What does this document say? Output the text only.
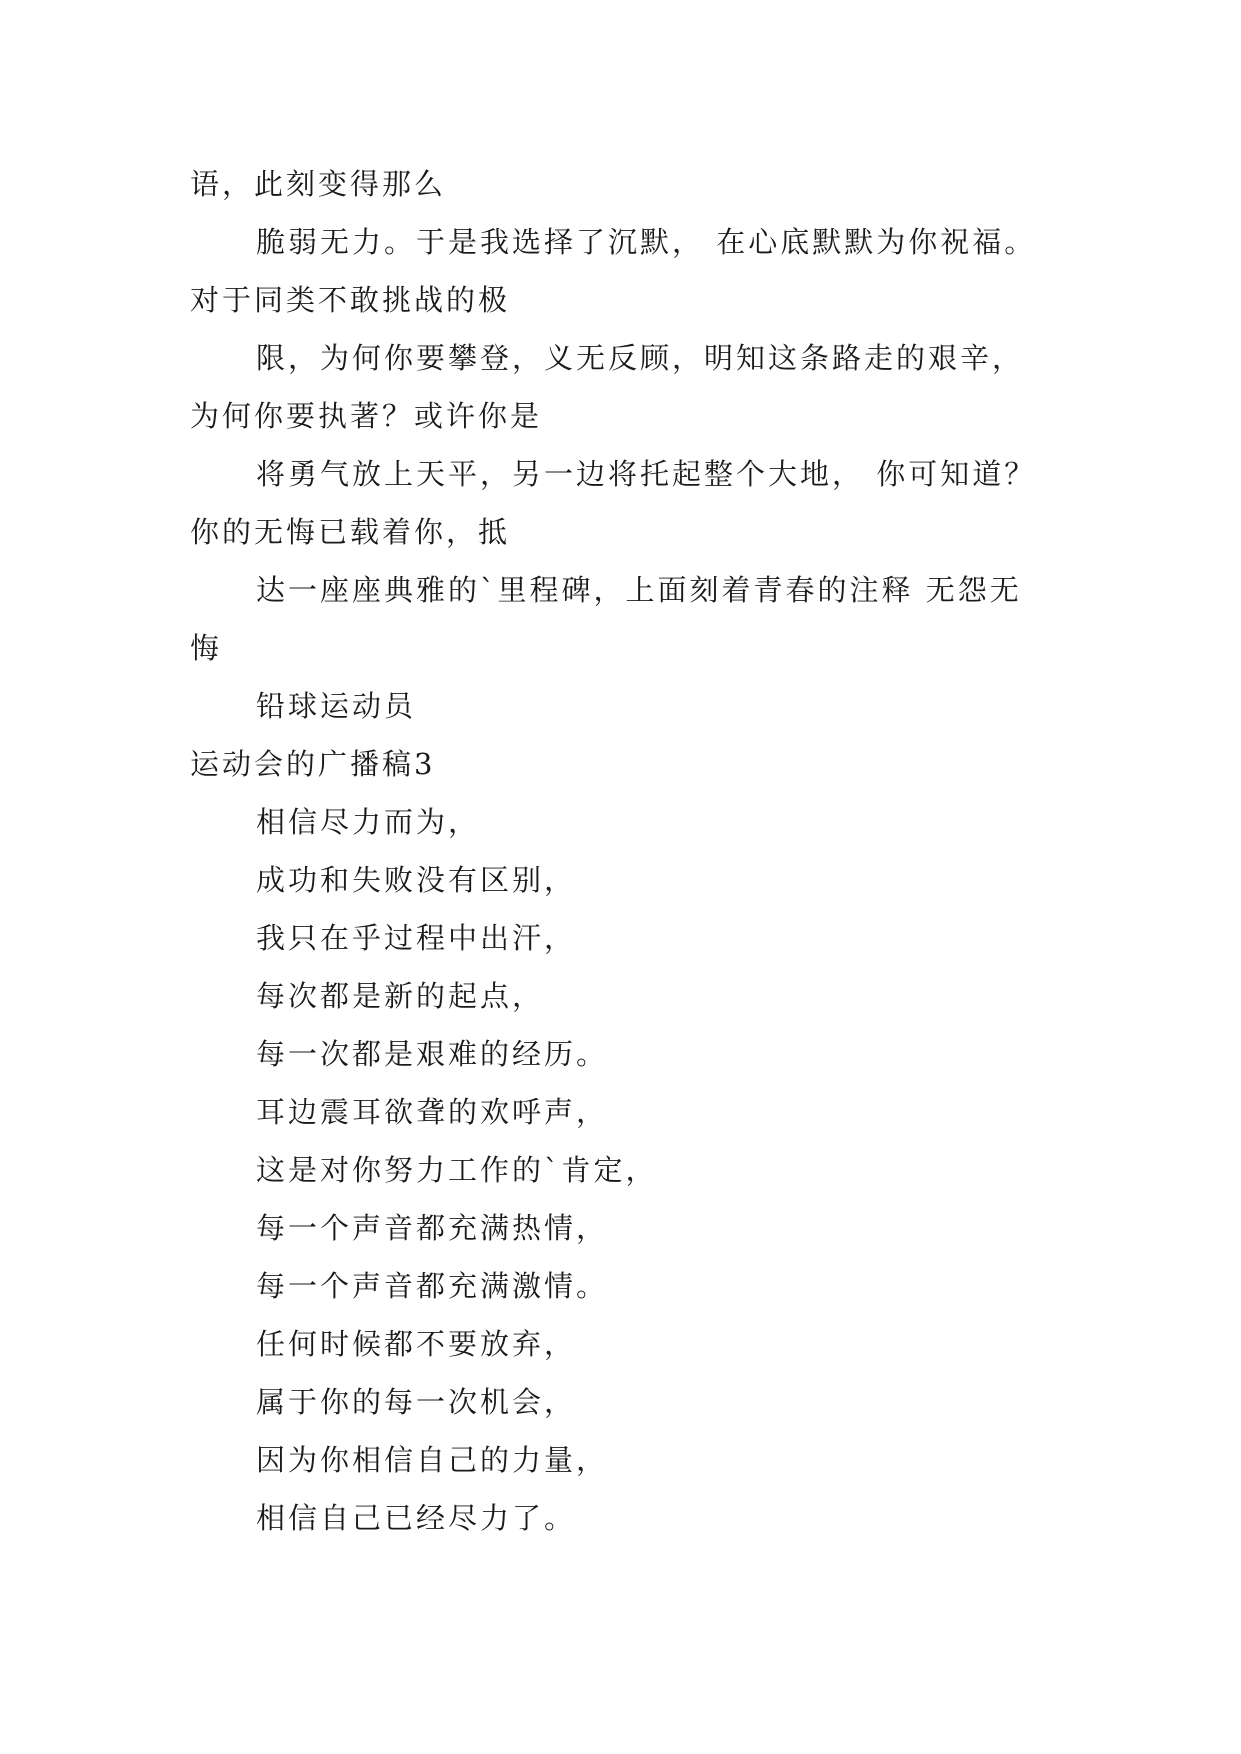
语，此刻变得那么
脆弱无力。于是我选择了沉默， 在心底默默为你祝福。
对于同类不敢挑战的极
限，为何你要攀登，义无反顾，明知这条路走的艰辛，
为何你要执著？或许你是
将勇气放上天平，另一边将托起整个大地， 你可知道？
你的无悔已载着你，抵
达一座座典雅的`里程碑，上面刻着青春的注释 无怨无
悔
铅球运动员
运动会的广播稿3
相信尽力而为，
成功和失败没有区别，
我只在乎过程中出汗，
每次都是新的起点，
每一次都是艰难的经历。
耳边震耳欲聋的欢呼声，
这是对你努力工作的`肯定，
每一个声音都充满热情，
每一个声音都充满激情。
任何时候都不要放弃，
属于你的每一次机会，
因为你相信自己的力量，
相信自己已经尽力了。
